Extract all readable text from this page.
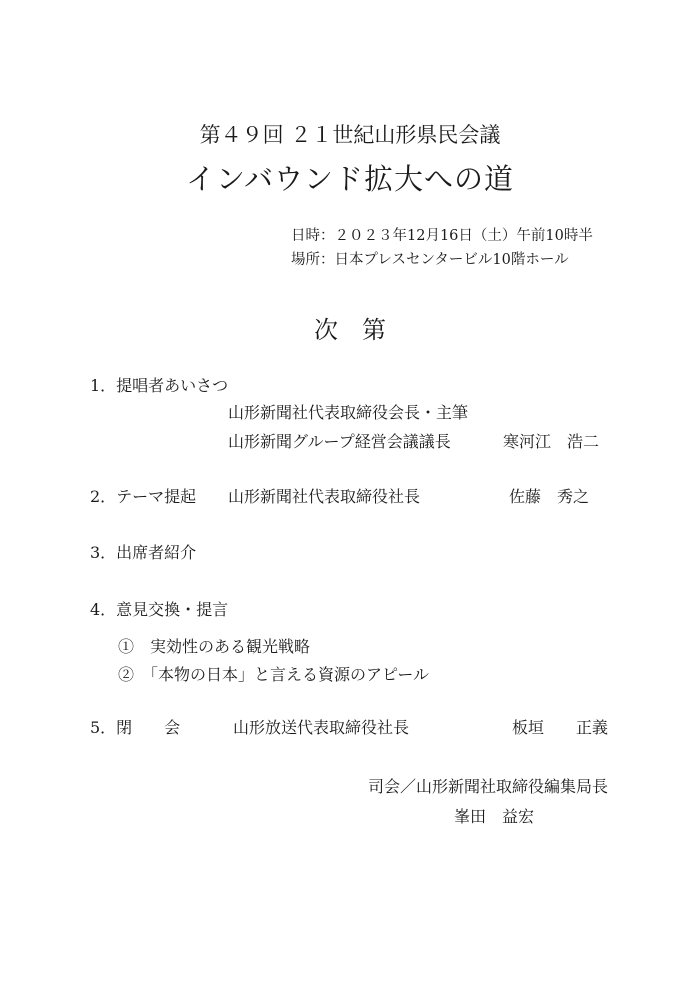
第４９回 ２１世紀山形県民会議
インバウンド拡大への道
日時：２０２３年12月16日（土）午前10時半
場所：日本プレスセンタービル10階ホール
次　第
1．提唱者あいさつ
山形新聞社代表取締役会長・主筆
山形新聞グループ経営会議議長	寒河江　浩二
2．テーマ提起 山形新聞社代表取締役社長	佐藤　秀之
3．出席者紹介
4．意見交換・提言
①　実効性のある観光戦略
②　「本物の日本」と言える資源のアピール
5．閉　　会	山形放送代表取締役社長	板垣　　正義
司会／山形新聞社取締役編集局長
峯田　益宏
